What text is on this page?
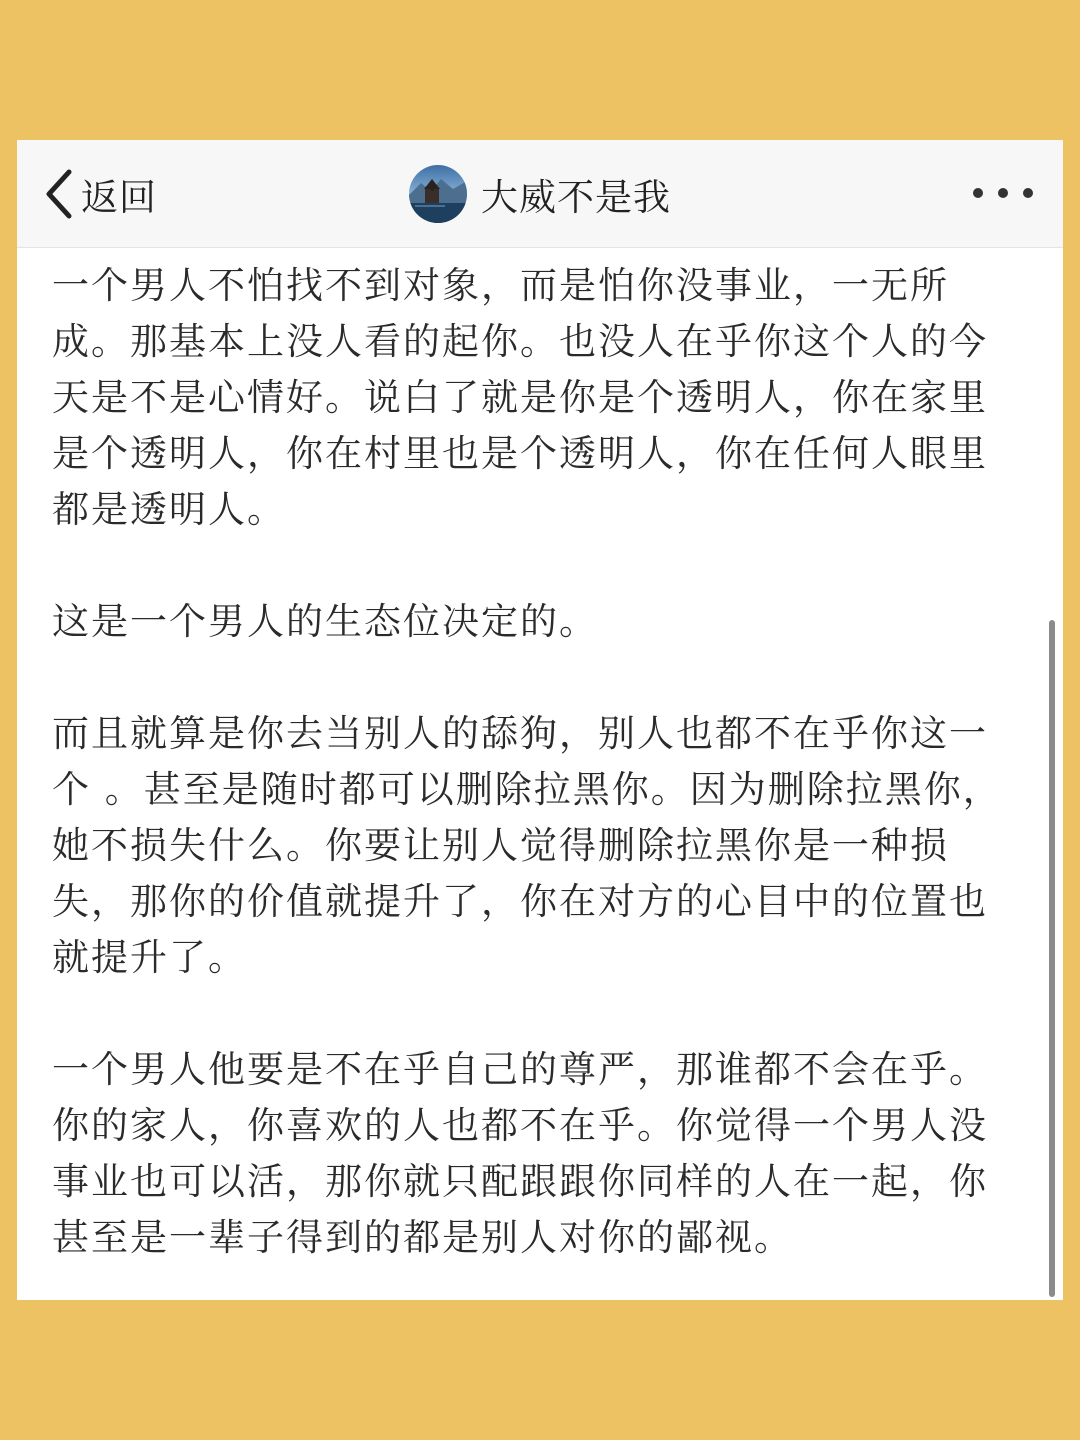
返回	大威不是我

一个男人不怕找不到对象，而是怕你没事业，一无所成。那基本上没人看的起你。也没人在乎你这个人的今天是不是心情好。说白了就是你是个透明人，你在家里是个透明人，你在村里也是个透明人，你在任何人眼里都是透明人。

这是一个男人的生态位决定的。

而且就算是你去当别人的舔狗，别人也都不在乎你这一个 。甚至是随时都可以删除拉黑你。因为删除拉黑你，她不损失什么。你要让别人觉得删除拉黑你是一种损失，那你的价值就提升了，你在对方的心目中的位置也就提升了。

一个男人他要是不在乎自己的尊严，那谁都不会在乎。你的家人，你喜欢的人也都不在乎。你觉得一个男人没事业也可以活，那你就只配跟跟你同样的人在一起，你甚至是一辈子得到的都是别人对你的鄙视。
